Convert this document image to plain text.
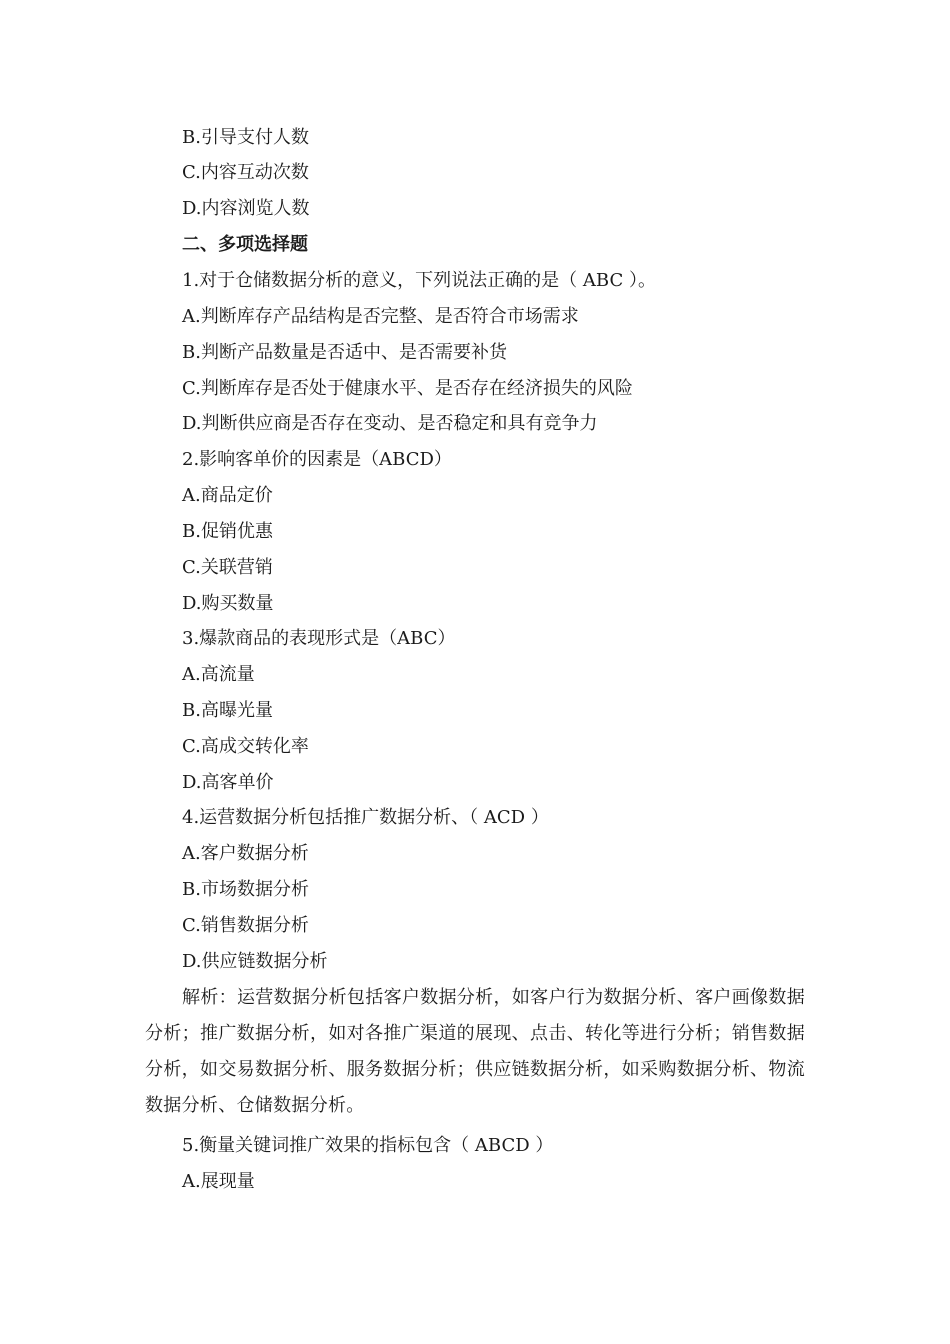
B.引导支付人数
C.内容互动次数
D.内容浏览人数
二、多项选择题
1.对于仓储数据分析的意义，下列说法正确的是（ ABC ）。
A.判断库存产品结构是否完整、是否符合市场需求
B.判断产品数量是否适中、是否需要补货
C.判断库存是否处于健康水平、是否存在经济损失的风险
D.判断供应商是否存在变动、是否稳定和具有竞争力
2.影响客单价的因素是（ABCD）
A.商品定价
B.促销优惠
C.关联营销
D.购买数量
3.爆款商品的表现形式是（ABC）
A.高流量
B.高曝光量
C.高成交转化率
D.高客单价
4.运营数据分析包括推广数据分析、（ ACD ）
A.客户数据分析
B.市场数据分析
C.销售数据分析
D.供应链数据分析
解析：运营数据分析包括客户数据分析，如客户行为数据分析、客户画像数据分析；推广数据分析，如对各推广渠道的展现、点击、转化等进行分析；销售数据分析，如交易数据分析、服务数据分析；供应链数据分析，如采购数据分析、物流数据分析、仓储数据分析。
5.衡量关键词推广效果的指标包含（ ABCD ）
A.展现量
